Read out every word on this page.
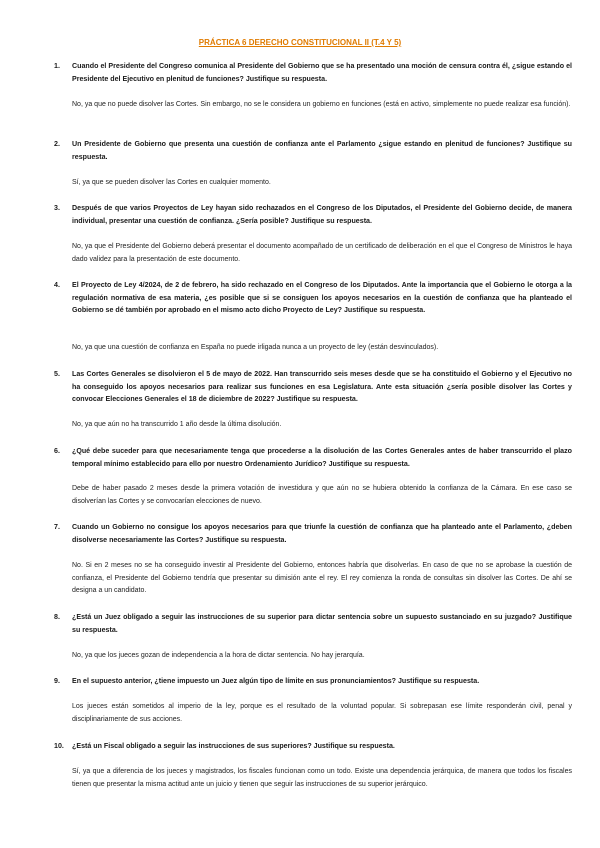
PRÁCTICA 6 DERECHO CONSTITUCIONAL II (T.4 Y 5)
1. Cuando el Presidente del Congreso comunica al Presidente del Gobierno que se ha presentado una moción de censura contra él, ¿sigue estando el Presidente del Ejecutivo en plenitud de funciones? Justifique su respuesta.
No, ya que no puede disolver las Cortes. Sin embargo, no se le considera un gobierno en funciones (está en activo, simplemente no puede realizar esa función).
2. Un Presidente de Gobierno que presenta una cuestión de confianza ante el Parlamento ¿sigue estando en plenitud de funciones? Justifique su respuesta.
Sí, ya que se pueden disolver las Cortes en cualquier momento.
3. Después de que varios Proyectos de Ley hayan sido rechazados en el Congreso de los Diputados, el Presidente del Gobierno decide, de manera individual, presentar una cuestión de confianza. ¿Sería posible? Justifique su respuesta.
No, ya que el Presidente del Gobierno deberá presentar el documento acompañado de un certificado de deliberación en el que el Congreso de Ministros le haya dado validez para la presentación de este documento.
4. El Proyecto de Ley 4/2024, de 2 de febrero, ha sido rechazado en el Congreso de los Diputados. Ante la importancia que el Gobierno le otorga a la regulación normativa de esa materia, ¿es posible que si se consiguen los apoyos necesarios en la cuestión de confianza que ha planteado el Gobierno se dé también por aprobado en el mismo acto dicho Proyecto de Ley? Justifique su respuesta.
No, ya que una cuestión de confianza en España no puede irligada nunca a un proyecto de ley (están desvinculados).
5. Las Cortes Generales se disolvieron el 5 de mayo de 2022. Han transcurrido seis meses desde que se ha constituido el Gobierno y el Ejecutivo no ha conseguido los apoyos necesarios para realizar sus funciones en esa Legislatura. Ante esta situación ¿sería posible disolver las Cortes y convocar Elecciones Generales el 18 de diciembre de 2022? Justifique su respuesta.
No, ya que aún no ha transcurrido 1 año desde la última disolución.
6. ¿Qué debe suceder para que necesariamente tenga que procederse a la disolución de las Cortes Generales antes de haber transcurrido el plazo temporal mínimo establecido para ello por nuestro Ordenamiento Jurídico? Justifique su respuesta.
Debe de haber pasado 2 meses desde la primera votación de investidura y que aún no se hubiera obtenido la confianza de la Cámara. En ese caso se disolverían las Cortes y se convocarían elecciones de nuevo.
7. Cuando un Gobierno no consigue los apoyos necesarios para que triunfe la cuestión de confianza que ha planteado ante el Parlamento, ¿deben disolverse necesariamente las Cortes? Justifique su respuesta.
No. Si en 2 meses no se ha conseguido investir al Presidente del Gobierno, entonces habría que disolverlas. En caso de que no se aprobase la cuestión de confianza, el Presidente del Gobierno tendría que presentar su dimisión ante el rey. El rey comienza la ronda de consultas sin disolver las Cortes. De ahí se designa a un candidato.
8. ¿Está un Juez obligado a seguir las instrucciones de su superior para dictar sentencia sobre un supuesto sustanciado en su juzgado? Justifique su respuesta.
No, ya que los jueces gozan de independencia a la hora de dictar sentencia. No hay jerarquía.
9. En el supuesto anterior, ¿tiene impuesto un Juez algún tipo de límite en sus pronunciamientos? Justifique su respuesta.
Los jueces están sometidos al imperio de la ley, porque es el resultado de la voluntad popular. Si sobrepasan ese límite responderán civil, penal y disciplinariamente de sus acciones.
10. ¿Está un Fiscal obligado a seguir las instrucciones de sus superiores? Justifique su respuesta.
Sí, ya que a diferencia de los jueces y magistrados, los fiscales funcionan como un todo. Existe una dependencia jerárquica, de manera que todos los fiscales tienen que presentar la misma actitud ante un juicio y tienen que seguir las instrucciones de su superior jerárquico.
